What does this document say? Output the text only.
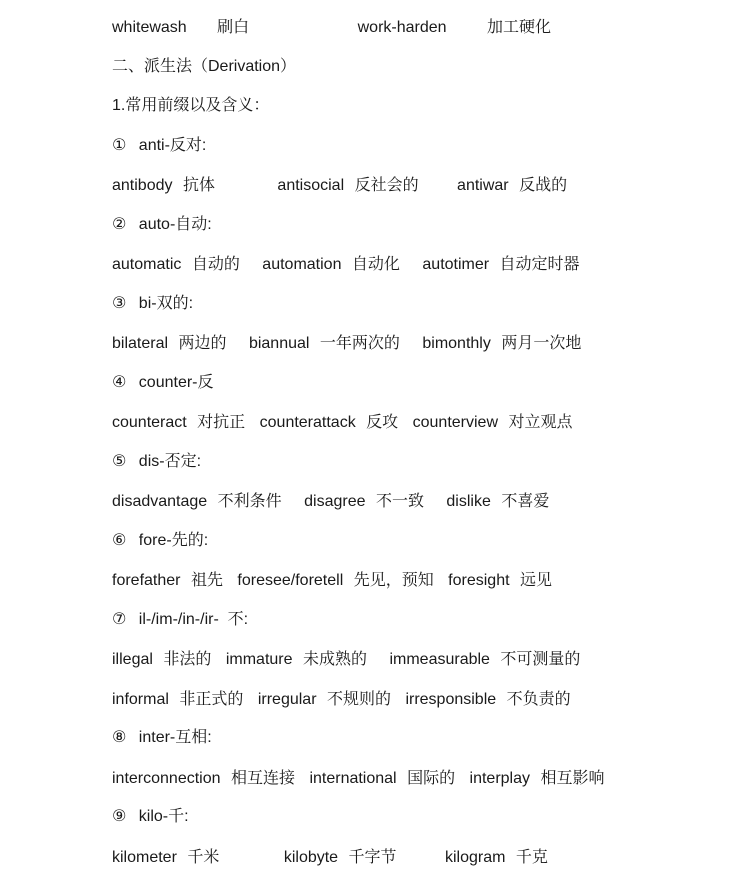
whitewash 刷白	work-harden	加工硬化
二、派生法（Derivation）
1.常用前缀以及含义：
① anti-反对:
antibody 抗体	antisocial 反社会的 antiwar 反战的
② auto-自动:
automatic 自动的 automation 自动化 autotimer 自动定时器
③ bi-双的:
bilateral 两边的 biannual 一年两次的 bimonthly 两月一次地
④ counter-反
counteract 对抗正 counterattack 反攻 counterview 对立观点
⑤ dis-否定:
disadvantage 不利条件 disagree 不一致 dislike 不喜爱
⑥ fore-先的:
forefather 祖先 foresee/foretell 先见，预知 foresight 远见
⑦ il-/im-/in-/ir-  不:
illegal 非法的 immature 未成熟的 immeasurable 不可测量的
informal 非正式的 irregular 不规则的 irresponsible 不负责的
⑧ inter-互相:
interconnection 相互连接 international 国际的 interplay 相互影响
⑨ kilo-千:
kilometer 千米	kilobyte 千字节	kilogram 千克
